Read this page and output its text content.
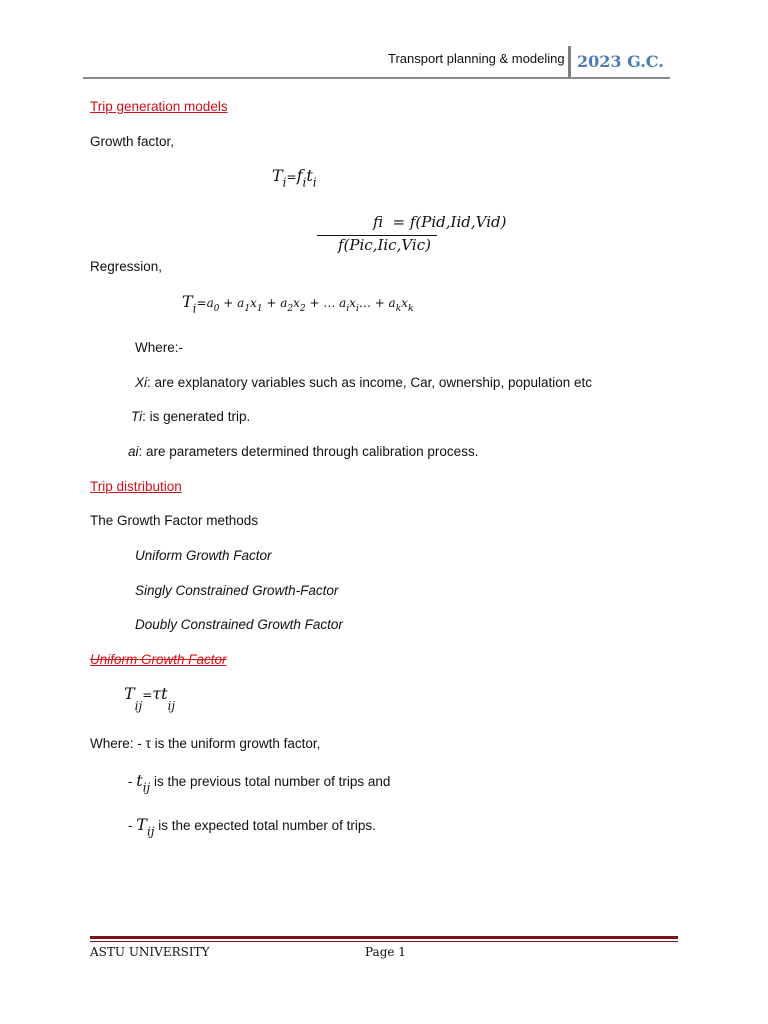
Transport planning & modeling 2023 G.C.
Trip generation models
Growth factor,
$T_i=f_it_i$
fi  = f(Pid,Iid,Vid)
f(Pic,Iic,Vic)
Regression,
$T_i=a_0 + a_1x_1 + a_2x_2$ + … $a_ix_i\dots + a_kx_k$
Where:-
Xi: are explanatory variables such as income, Car, ownership, population etc
Ti: is generated trip.
ai: are parameters determined through calibration process.
Trip distribution
The Growth Factor methods
Uniform Growth Factor
Singly Constrained Growth-Factor
Doubly Constrained Growth Factor
Uniform Growth Factor
$T_{ij}=\tau t_{ij}$
Where: - τ is the uniform growth factor,
- $t_{ij}$ is the previous total number of trips and
- $T_{ij}$ is the expected total number of trips.
ASTU UNIVERSITY	Page 1
